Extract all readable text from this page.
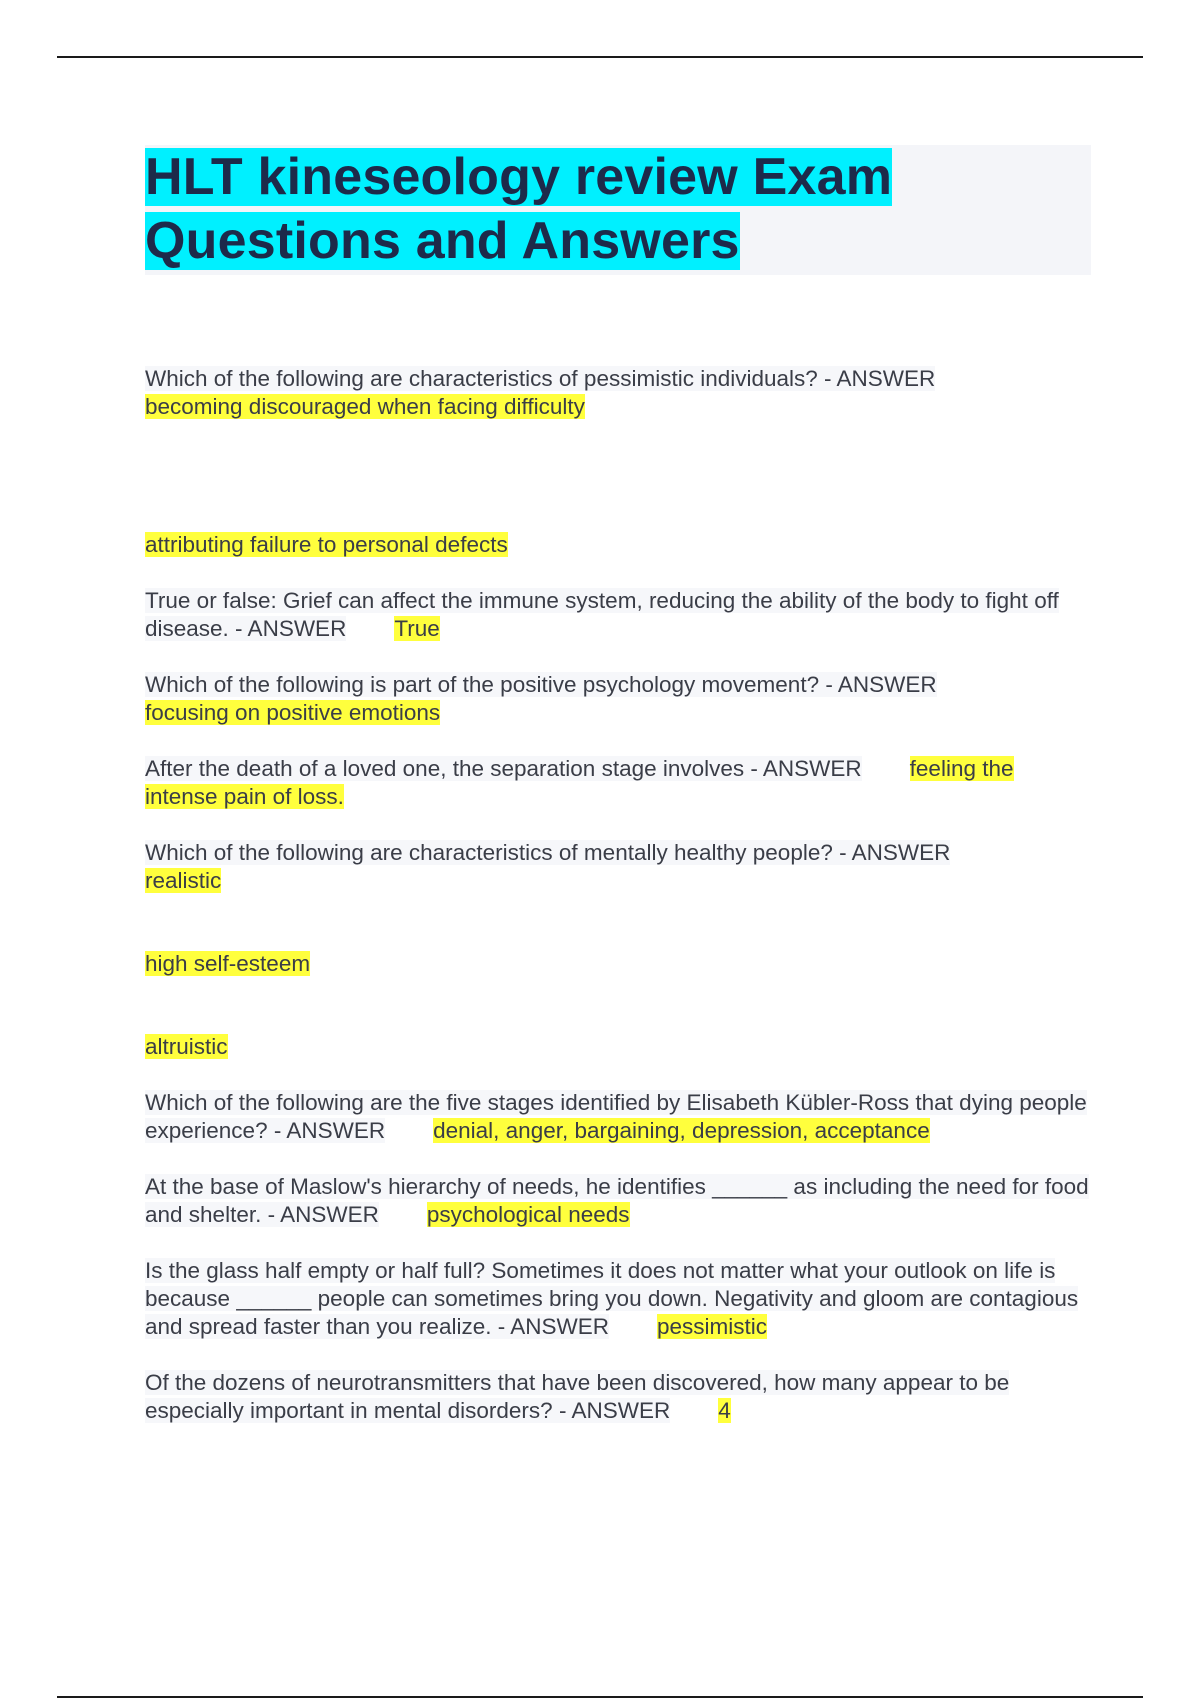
HLT kineseology review Exam
Questions and Answers

Which of the following are characteristics of pessimistic individuals? - ANSWER
becoming discouraged when facing difficulty

attributing failure to personal defects

True or false: Grief can affect the immune system, reducing the ability of the body to fight off disease. - ANSWER True

Which of the following is part of the positive psychology movement? - ANSWER
focusing on positive emotions

After the death of a loved one, the separation stage involves - ANSWER feeling the intense pain of loss.

Which of the following are characteristics of mentally healthy people? - ANSWER
realistic

high self-esteem

altruistic

Which of the following are the five stages identified by Elisabeth Kübler-Ross that dying people experience? - ANSWER denial, anger, bargaining, depression, acceptance

At the base of Maslow's hierarchy of needs, he identifies ______ as including the need for food and shelter. - ANSWER psychological needs

Is the glass half empty or half full? Sometimes it does not matter what your outlook on life is because ______ people can sometimes bring you down. Negativity and gloom are contagious and spread faster than you realize. - ANSWER pessimistic

Of the dozens of neurotransmitters that have been discovered, how many appear to be especially important in mental disorders? - ANSWER 4
